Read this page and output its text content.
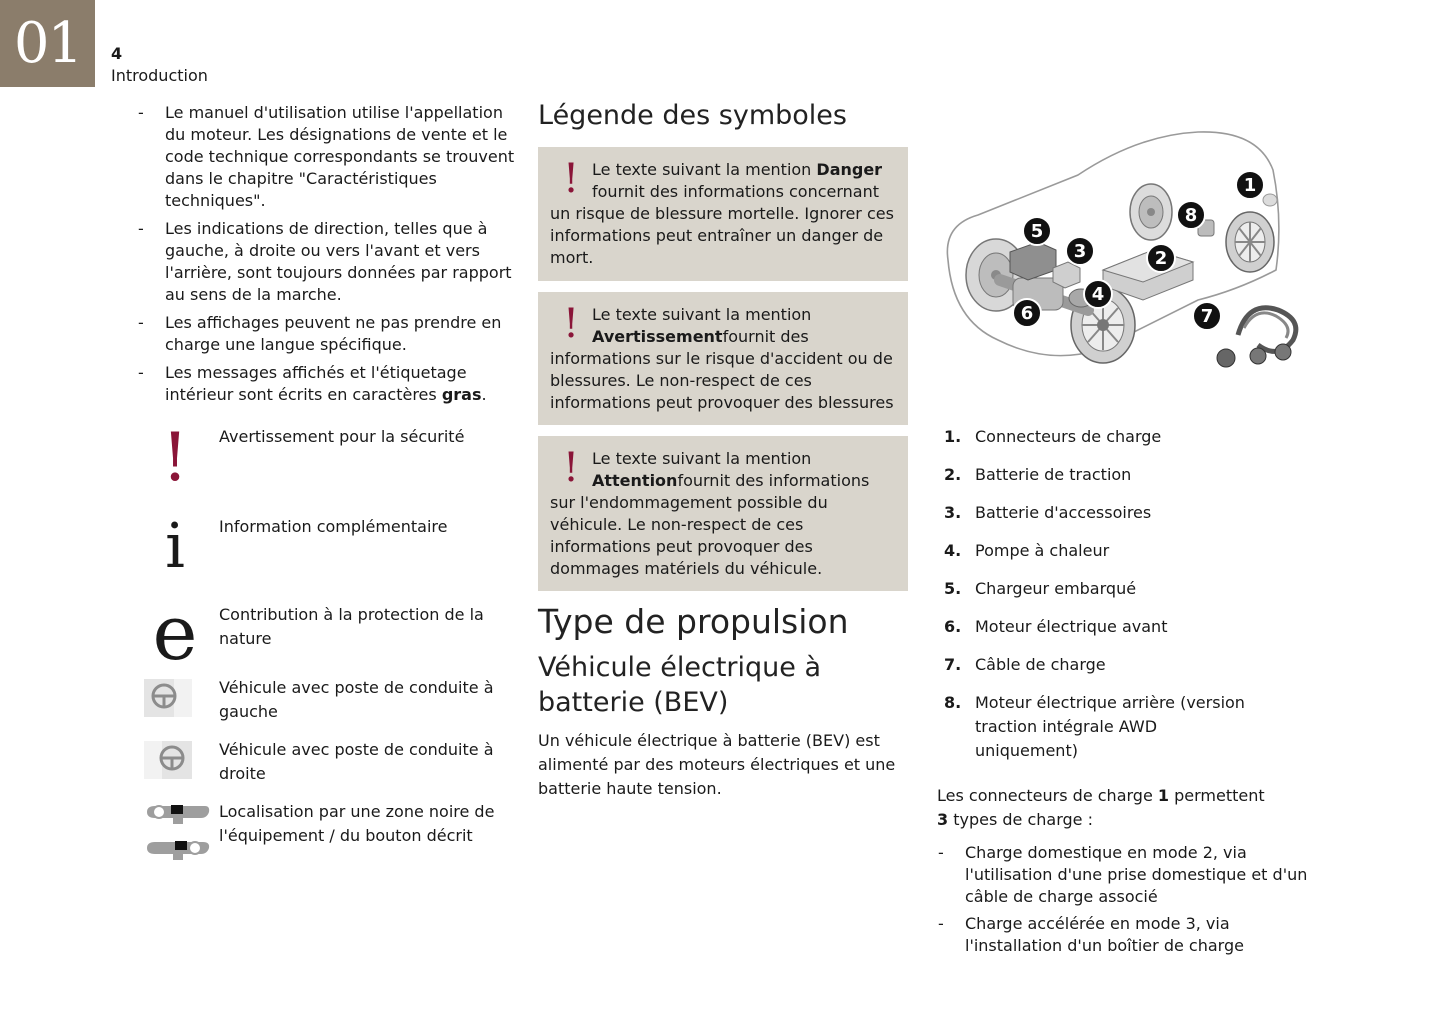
01	4
Introduction
- Le manuel d'utilisation utilise l'appellation du moteur. Les désignations de vente et le code technique correspondants se trouvent dans le chapitre "Caractéristiques techniques".
- Les indications de direction, telles que à gauche, à droite ou vers l'avant et vers l'arrière, sont toujours données par rapport au sens de la marche.
- Les affichages peuvent ne pas prendre en charge une langue spécifique.
- Les messages affichés et l'étiquetage intérieur sont écrits en caractères gras.
!	Avertissement pour la sécurité
i	Information complémentaire
e	Contribution à la protection de la nature
Véhicule avec poste de conduite à gauche
Véhicule avec poste de conduite à droite
Localisation par une zone noire de l'équipement / du bouton décrit
Légende des symboles
! Le texte suivant la mention Danger fournit des informations concernant un risque de blessure mortelle. Ignorer ces informations peut entraîner un danger de mort.
! Le texte suivant la mention Avertissementfournit des informations sur le risque d'accident ou de blessures. Le non-respect de ces informations peut provoquer des blessures
! Le texte suivant la mention Attentionfournit des informations sur l'endommagement possible du véhicule. Le non-respect de ces informations peut provoquer des dommages matériels du véhicule.
Type de propulsion
Véhicule électrique à batterie (BEV)

Un véhicule électrique à batterie (BEV) est alimenté par des moteurs électriques et une batterie haute tension.

1
2
3
4
5
6	7
8
1. Connecteurs de charge
2. Batterie de traction
3. Batterie d'accessoires
4. Pompe à chaleur
5. Chargeur embarqué
6. Moteur électrique avant
7. Câble de charge
8. Moteur électrique arrière (version traction intégrale AWD uniquement)

Les connecteurs de charge 1 permettent
3 types de charge :

- Charge domestique en mode 2, via l'utilisation d'une prise domestique et d'un câble de charge associé
- Charge accélérée en mode 3, via l'installation d'un boîtier de charge
